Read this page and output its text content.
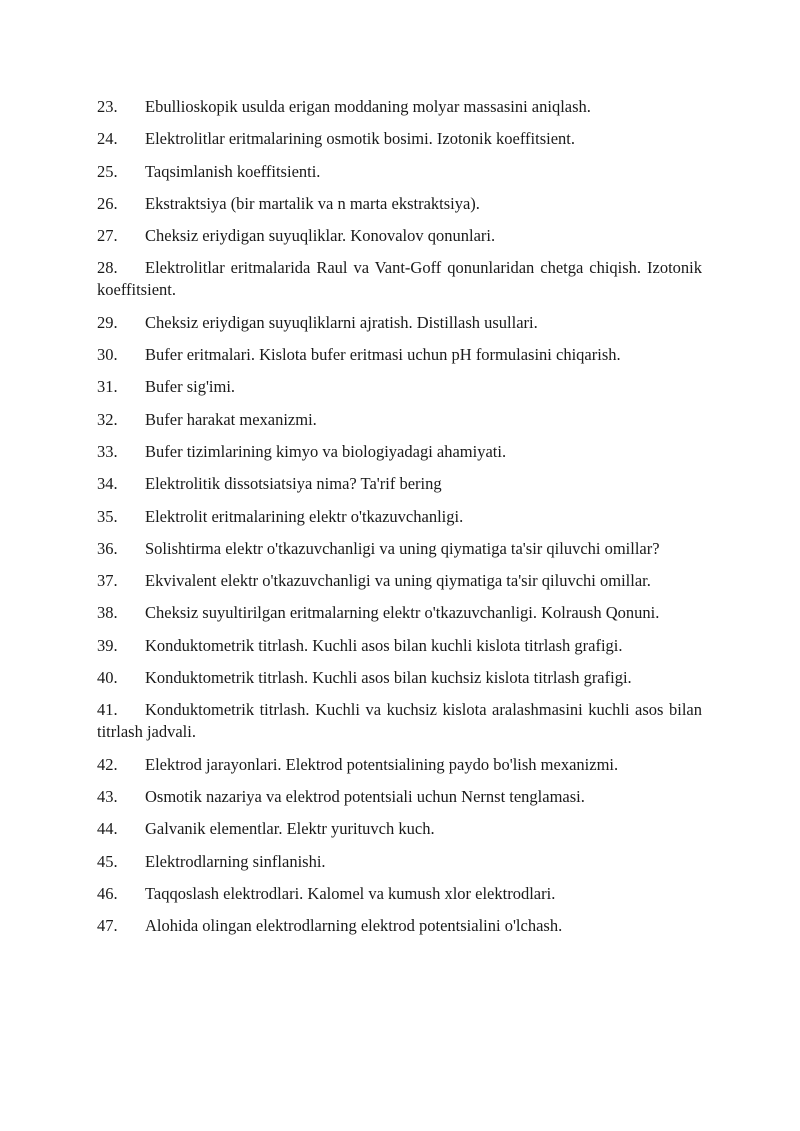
23. Ebullioskopik usulda erigan moddaning molyar massasini aniqlash.
24. Elektrolitlar eritmalarining osmotik bosimi. Izotonik koeffitsient.
25. Taqsimlanish koeffitsienti.
26. Ekstraktsiya (bir martalik va n marta ekstraktsiya).
27. Cheksiz eriydigan suyuqliklar. Konovalov qonunlari.
28. Elektrolitlar eritmalarida Raul va Vant-Goff qonunlaridan chetga chiqish. Izotonik koeffitsient.
29. Cheksiz eriydigan suyuqliklarni ajratish. Distillash usullari.
30. Bufer eritmalari. Kislota bufer eritmasi uchun pH formulasini chiqarish.
31. Bufer sig'imi.
32. Bufer harakat mexanizmi.
33. Bufer tizimlarining kimyo va biologiyadagi ahamiyati.
34. Elektrolitik dissotsiatsiya nima? Ta'rif bering
35. Elektrolit eritmalarining elektr o'tkazuvchanligi.
36. Solishtirma elektr o'tkazuvchanligi va uning qiymatiga ta'sir qiluvchi omillar?
37. Ekvivalent elektr o'tkazuvchanligi va uning qiymatiga ta'sir qiluvchi omillar.
38. Cheksiz suyultirilgan eritmalarning elektr o'tkazuvchanligi. Kolraush Qonuni.
39. Konduktometrik titrlash. Kuchli asos bilan kuchli kislota titrlash grafigi.
40. Konduktometrik titrlash. Kuchli asos bilan kuchsiz kislota titrlash grafigi.
41. Konduktometrik titrlash. Kuchli va kuchsiz kislota aralashmasini kuchli asos bilan titrlash jadvali.
42. Elektrod jarayonlari. Elektrod potentsialining paydo bo'lish mexanizmi.
43. Osmotik nazariya va elektrod potentsiali uchun Nernst tenglamasi.
44. Galvanik elementlar. Elektr yurituvch kuch.
45. Elektrodlarning sinflanishi.
46. Taqqoslash elektrodlari. Kalomel va kumush xlor elektrodlari.
47. Alohida olingan elektrodlarning elektrod potentsialini o'lchash.
